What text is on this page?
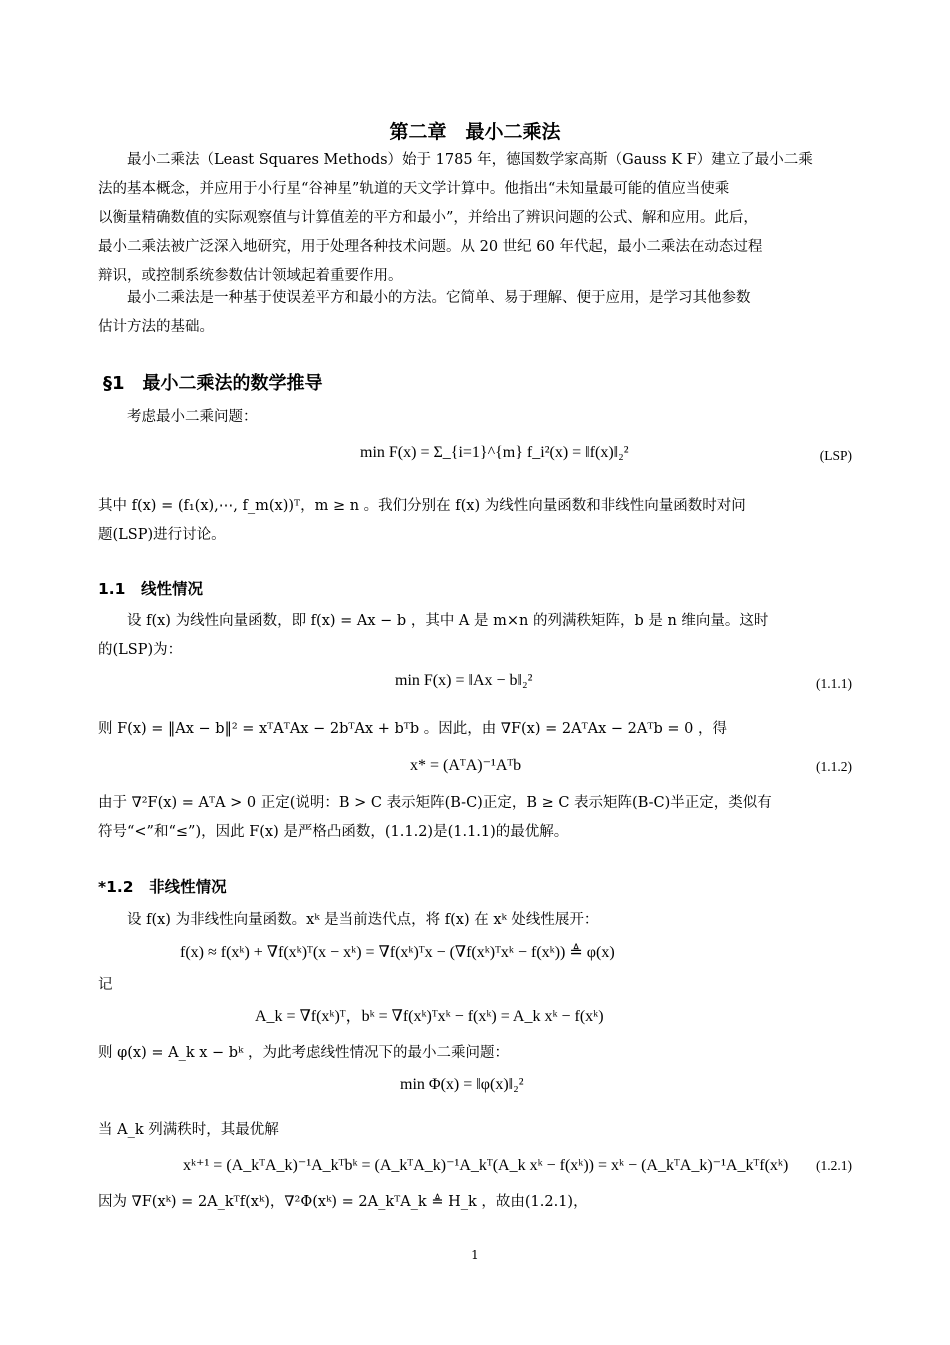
第二章　最小二乘法
　　最小二乘法（Least Squares Methods）始于 1785 年，德国数学家高斯（Gauss K F）建立了最小二乘
法的基本概念，并应用于小行星“谷神星”轨道的天文学计算中。他指出“未知量最可能的值应当使乘
以衡量精确数值的实际观察值与计算值差的平方和最小”，并给出了辨识问题的公式、解和应用。此后，
最小二乘法被广泛深入地研究，用于处理各种技术问题。从 20 世纪 60 年代起，最小二乘法在动态过程
辩识，或控制系统参数估计领域起着重要作用。
　　最小二乘法是一种基于使误差平方和最小的方法。它简单、易于理解、便于应用，是学习其他参数
估计方法的基础。
§1　最小二乘法的数学推导
　　考虑最小二乘问题：
min F(x) = Σ_{i=1}^{m} f_i²(x) = ‖f(x)‖₂²	(LSP)
其中 f(x) = (f₁(x),⋯, f_m(x))ᵀ，m ≥ n 。我们分别在 f(x) 为线性向量函数和非线性向量函数时对问
题(LSP)进行讨论。
1.1　线性情况
　　设 f(x) 为线性向量函数，即 f(x) = Ax − b ，其中 A 是 m×n 的列满秩矩阵，b 是 n 维向量。这时
的(LSP)为：
min F(x) = ‖Ax − b‖₂²	(1.1.1)
则 F(x) = ‖Ax − b‖² = xᵀAᵀAx − 2bᵀAx + bᵀb 。因此，由 ∇F(x) = 2AᵀAx − 2Aᵀb = 0 ，得
x* = (AᵀA)⁻¹Aᵀb	(1.1.2)
由于 ∇²F(x) = AᵀA > 0 正定(说明：B > C 表示矩阵(B-C)正定，B ≥ C 表示矩阵(B-C)半正定，类似有
符号“<”和“≤”)，因此 F(x) 是严格凸函数，(1.1.2)是(1.1.1)的最优解。
*1.2　非线性情况
　　设 f(x) 为非线性向量函数。xᵏ 是当前迭代点，将 f(x) 在 xᵏ 处线性展开：
f(x) ≈ f(xᵏ) + ∇f(xᵏ)ᵀ(x − xᵏ) = ∇f(xᵏ)ᵀx − (∇f(xᵏ)ᵀxᵏ − f(xᵏ)) ≜ φ(x)
记
A_k = ∇f(xᵏ)ᵀ，bᵏ = ∇f(xᵏ)ᵀxᵏ − f(xᵏ) = A_k xᵏ − f(xᵏ)
则 φ(x) = A_k x − bᵏ ，为此考虑线性情况下的最小二乘问题：
min Φ(x) = ‖φ(x)‖₂²
当 A_k 列满秩时，其最优解
xᵏ⁺¹ = (A_kᵀA_k)⁻¹A_kᵀbᵏ = (A_kᵀA_k)⁻¹A_kᵀ(A_k xᵏ − f(xᵏ)) = xᵏ − (A_kᵀA_k)⁻¹A_kᵀf(xᵏ) (1.2.1)
因为 ∇F(xᵏ) = 2A_kᵀf(xᵏ)，∇²Φ(xᵏ) = 2A_kᵀA_k ≜ H_k ，故由(1.2.1)，
1
